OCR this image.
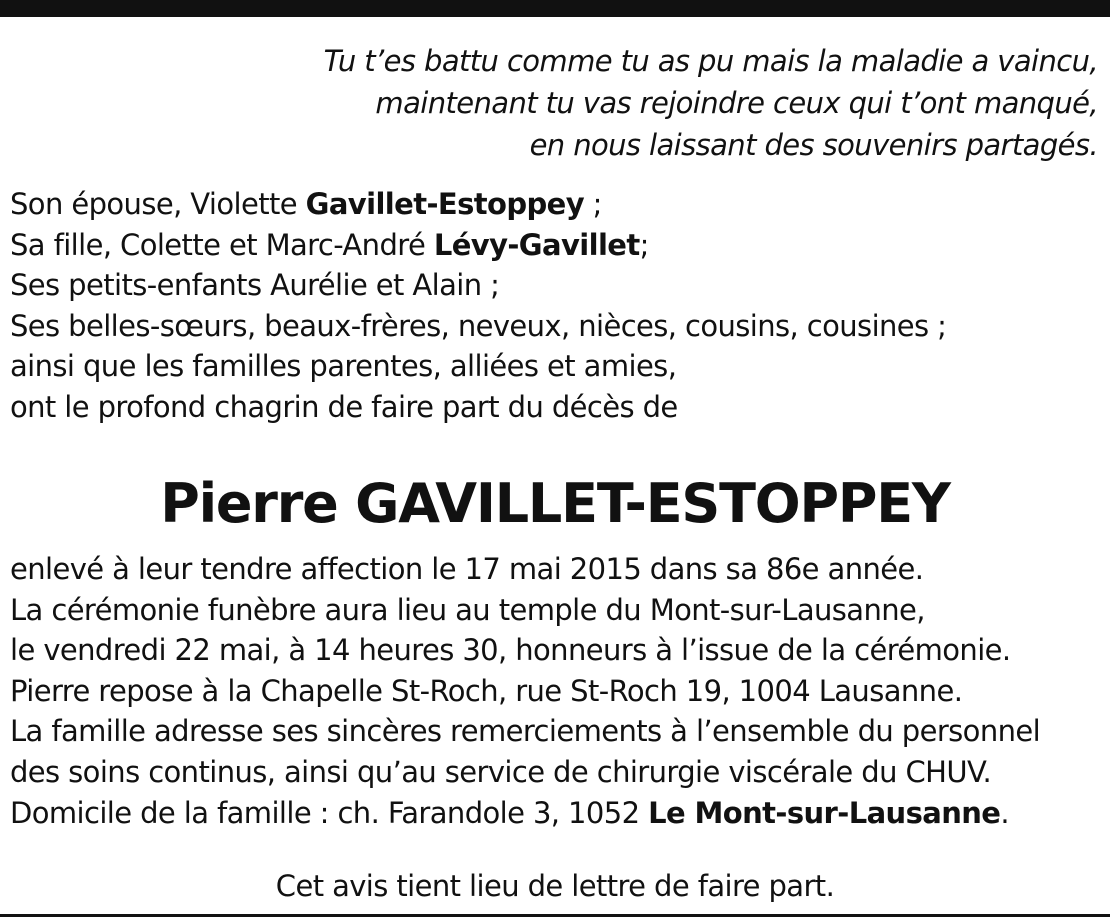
Tu t’es battu comme tu as pu mais la maladie a vaincu,
maintenant tu vas rejoindre ceux qui t’ont manqué,
en nous laissant des souvenirs partagés.
Son épouse, Violette Gavillet-Estoppey ;
Sa fille, Colette et Marc-André Lévy-Gavillet;
Ses petits-enfants Aurélie et Alain ;
Ses belles-sœurs, beaux-frères, neveux, nièces, cousins, cousines ;
ainsi que les familles parentes, alliées et amies,
ont le profond chagrin de faire part du décès de
Pierre GAVILLET-ESTOPPEY
enlevé à leur tendre affection le 17 mai 2015 dans sa 86e année.
La cérémonie funèbre aura lieu au temple du Mont-sur-Lausanne,
le vendredi 22 mai, à 14 heures 30, honneurs à l’issue de la cérémonie.
Pierre repose à la Chapelle St-Roch, rue St-Roch 19, 1004 Lausanne.
La famille adresse ses sincères remerciements à l’ensemble du personnel
des soins continus, ainsi qu’au service de chirurgie viscérale du CHUV.
Domicile de la famille : ch. Farandole 3, 1052 Le Mont-sur-Lausanne.
Cet avis tient lieu de lettre de faire part.
